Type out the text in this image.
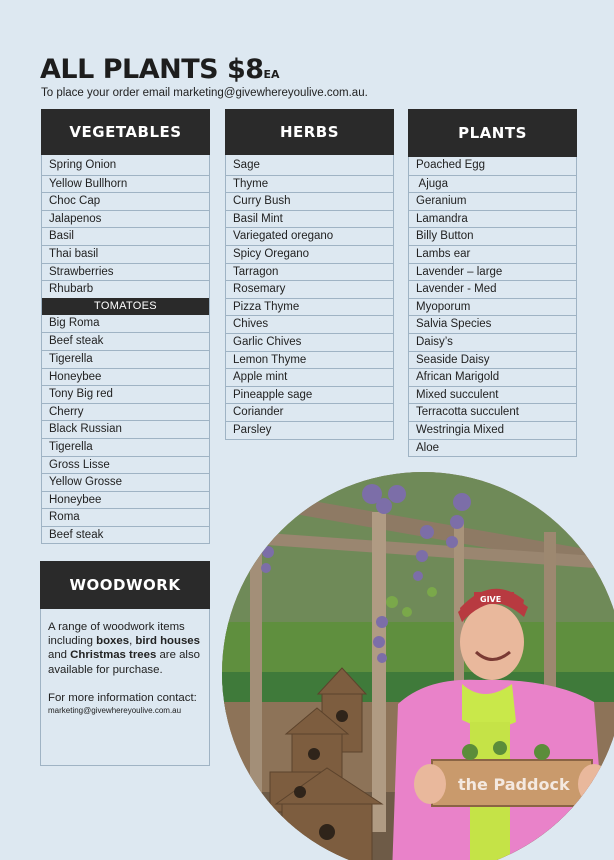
ALL PLANTS $8EA
To place your order email marketing@givewhereyoulive.com.au.
VEGETABLES
Spring Onion
Yellow Bullhorn
Choc Cap
Jalapenos
Basil
Thai basil
Strawberries
Rhubarb
TOMATOES
Big Roma
Beef steak
Tigerella
Honeybee
Tony Big red
Cherry
Black Russian
Tigerella
Gross Lisse
Yellow Grosse
Honeybee
Roma
Beef steak
HERBS
Sage
Thyme
Curry Bush
Basil Mint
Variegated oregano
Spicy Oregano
Tarragon
Rosemary
Pizza Thyme
Chives
Garlic Chives
Lemon Thyme
Apple mint
Pineapple sage
Coriander
Parsley
PLANTS
Poached Egg
Ajuga
Geranium
Lamandra
Billy Button
Lambs ear
Lavender – large
Lavender - Med
Myoporum
Salvia Species
Daisy’s
Seaside Daisy
African Marigold
Mixed succulent
Terracotta succulent
Westringia Mixed
Aloe
WOODWORK
A range of woodwork items including boxes, bird houses and Christmas trees are also available for purchase.
For more information contact:
marketing@givewhereyoulive.com.au
GIVE
the Paddock
